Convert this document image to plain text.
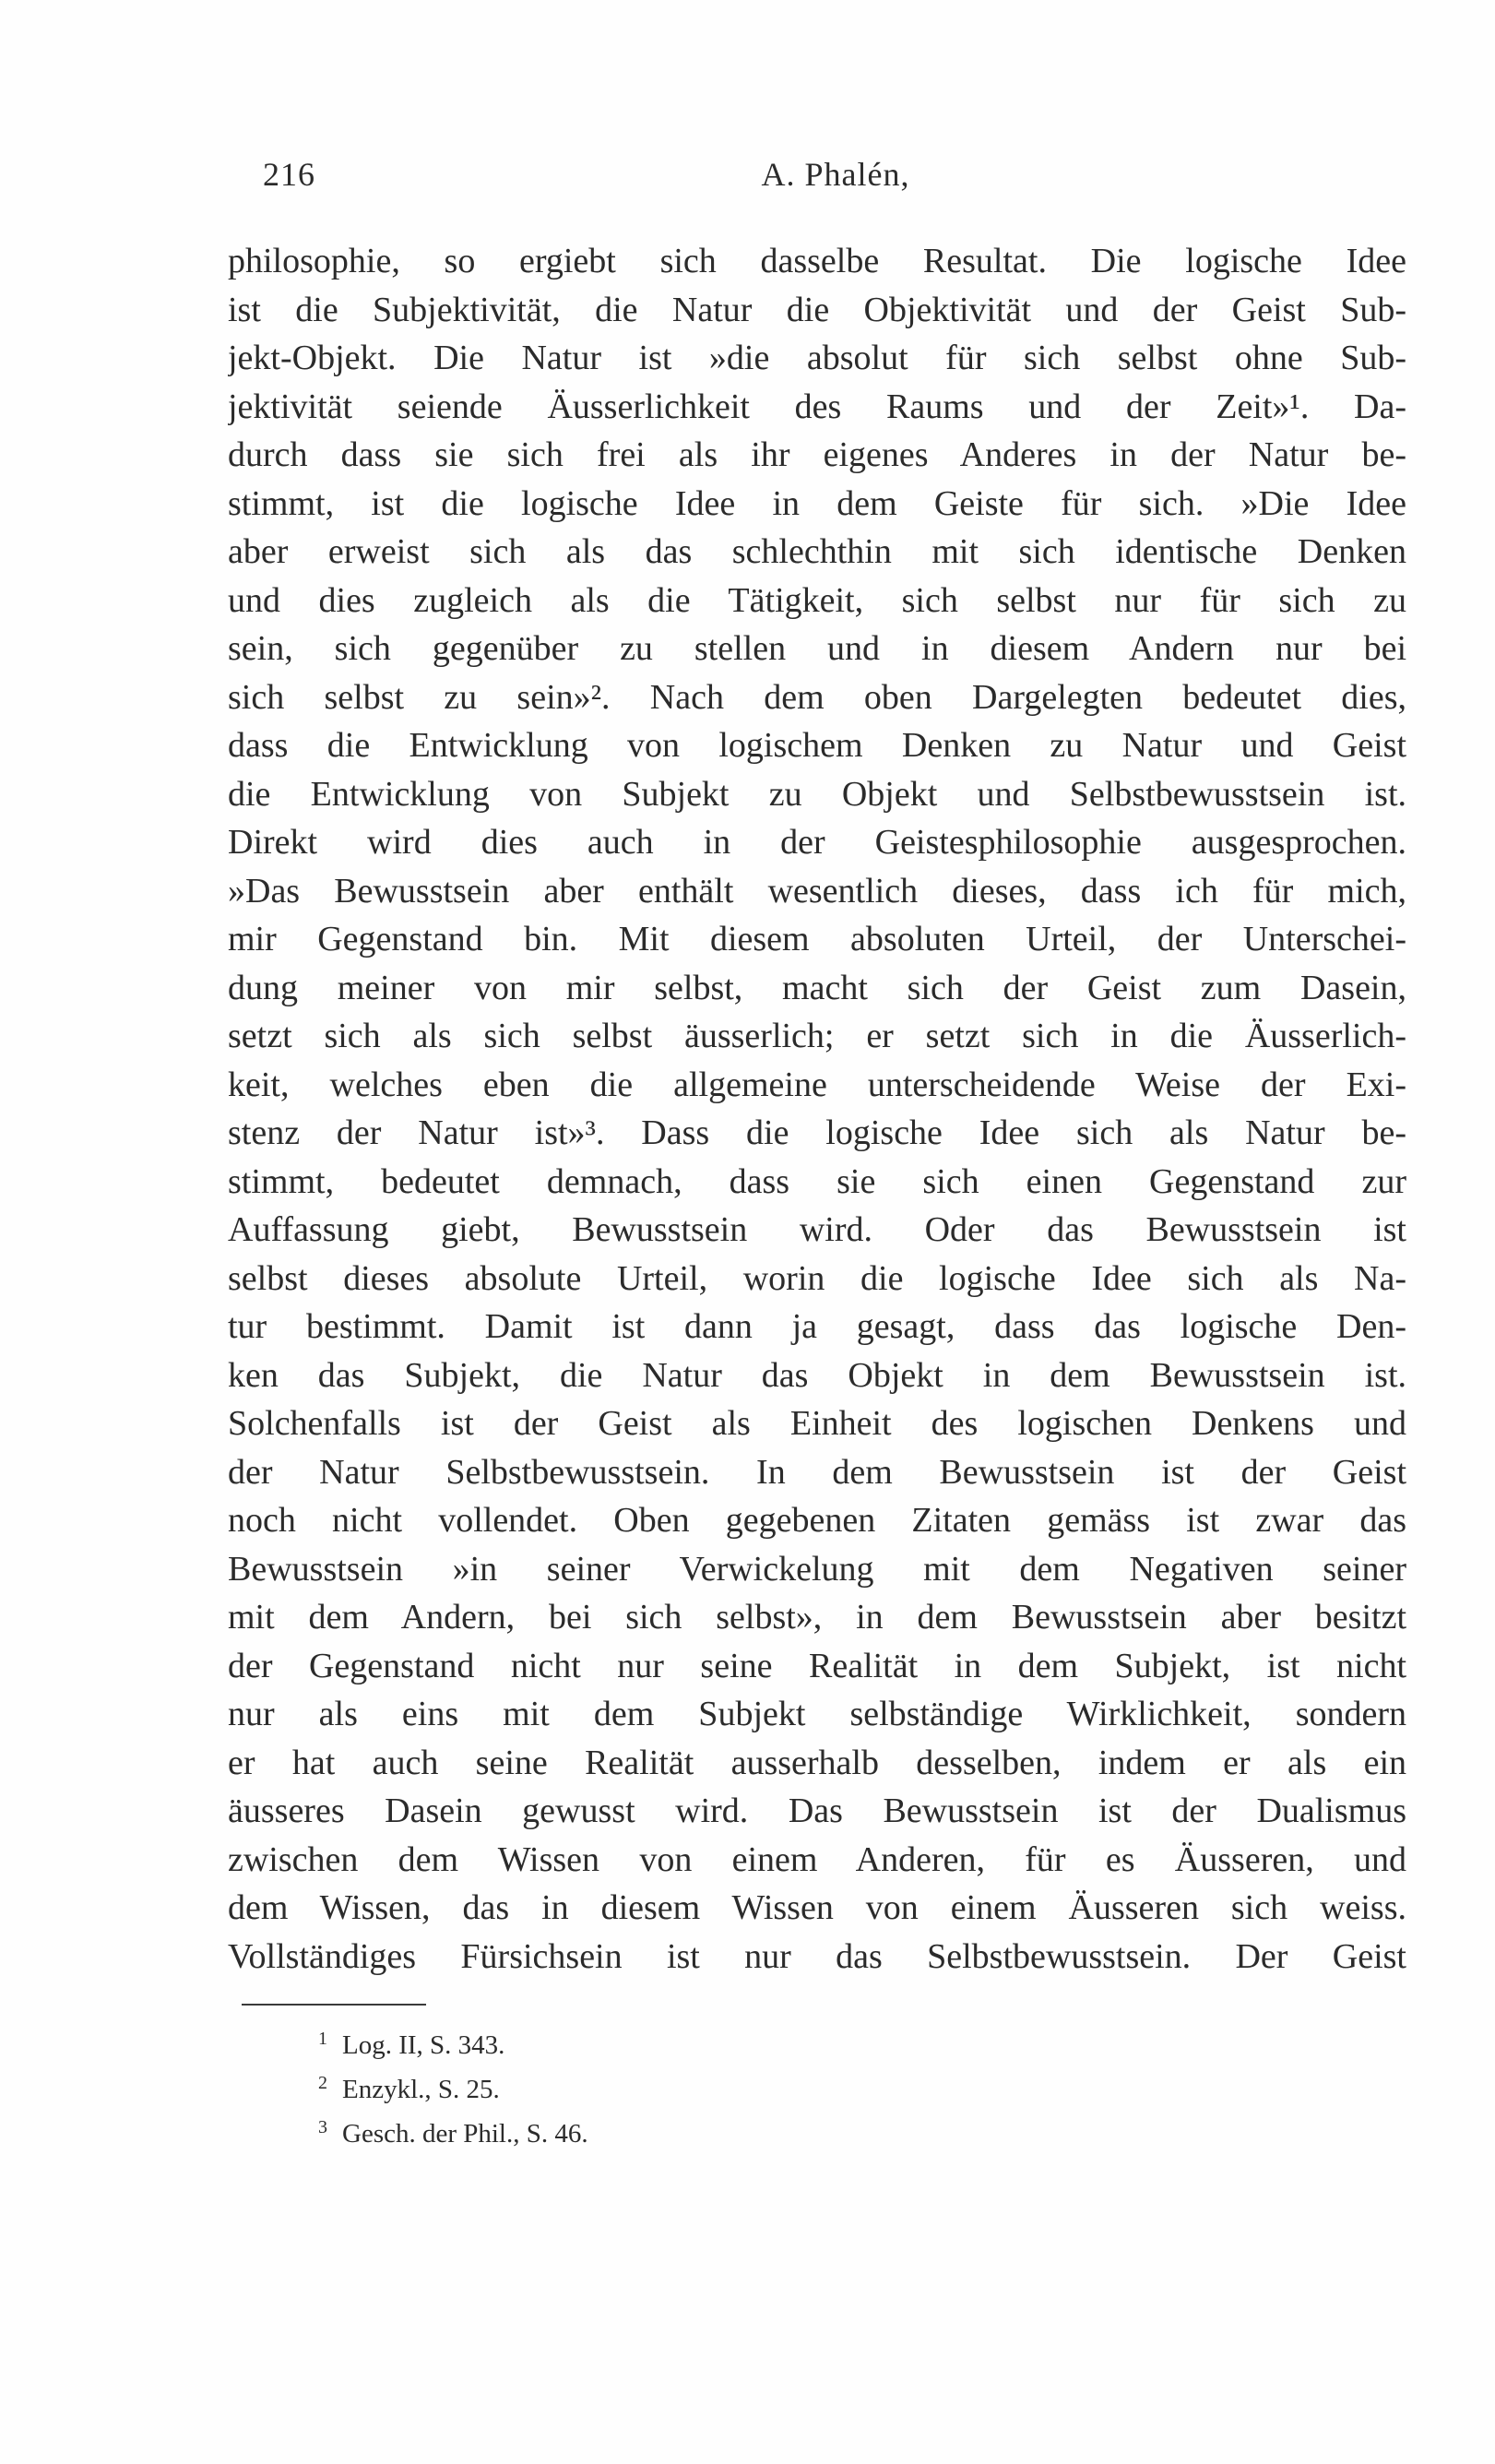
216	A. Phalén,
philosophie, so ergiebt sich dasselbe Resultat. Die logische Idee
ist die Subjektivität, die Natur die Objektivität und der Geist Sub-
jekt-Objekt. Die Natur ist »die absolut für sich selbst ohne Sub-
jektivität seiende Äusserlichkeit des Raums und der Zeit»¹. Da-
durch dass sie sich frei als ihr eigenes Anderes in der Natur be-
stimmt, ist die logische Idee in dem Geiste für sich. »Die Idee
aber erweist sich als das schlechthin mit sich identische Denken
und dies zugleich als die Tätigkeit, sich selbst nur für sich zu
sein, sich gegenüber zu stellen und in diesem Andern nur bei
sich selbst zu sein»². Nach dem oben Dargelegten bedeutet dies,
dass die Entwicklung von logischem Denken zu Natur und Geist
die Entwicklung von Subjekt zu Objekt und Selbstbewusstsein ist.
Direkt wird dies auch in der Geistesphilosophie ausgesprochen.
»Das Bewusstsein aber enthält wesentlich dieses, dass ich für mich,
mir Gegenstand bin. Mit diesem absoluten Urteil, der Unterschei-
dung meiner von mir selbst, macht sich der Geist zum Dasein,
setzt sich als sich selbst äusserlich; er setzt sich in die Äusserlich-
keit, welches eben die allgemeine unterscheidende Weise der Exi-
stenz der Natur ist»³. Dass die logische Idee sich als Natur be-
stimmt, bedeutet demnach, dass sie sich einen Gegenstand zur
Auffassung giebt, Bewusstsein wird. Oder das Bewusstsein ist
selbst dieses absolute Urteil, worin die logische Idee sich als Na-
tur bestimmt. Damit ist dann ja gesagt, dass das logische Den-
ken das Subjekt, die Natur das Objekt in dem Bewusstsein ist.
Solchenfalls ist der Geist als Einheit des logischen Denkens und
der Natur Selbstbewusstsein. In dem Bewusstsein ist der Geist
noch nicht vollendet. Oben gegebenen Zitaten gemäss ist zwar das
Bewusstsein »in seiner Verwickelung mit dem Negativen seiner
mit dem Andern, bei sich selbst», in dem Bewusstsein aber besitzt
der Gegenstand nicht nur seine Realität in dem Subjekt, ist nicht
nur als eins mit dem Subjekt selbständige Wirklichkeit, sondern
er hat auch seine Realität ausserhalb desselben, indem er als ein
äusseres Dasein gewusst wird. Das Bewusstsein ist der Dualismus
zwischen dem Wissen von einem Anderen, für es Äusseren, und
dem Wissen, das in diesem Wissen von einem Äusseren sich weiss.
Vollständiges Fürsichsein ist nur das Selbstbewusstsein. Der Geist
1 Log. II, S. 343.
2 Enzykl., S. 25.
3 Gesch. der Phil., S. 46.
